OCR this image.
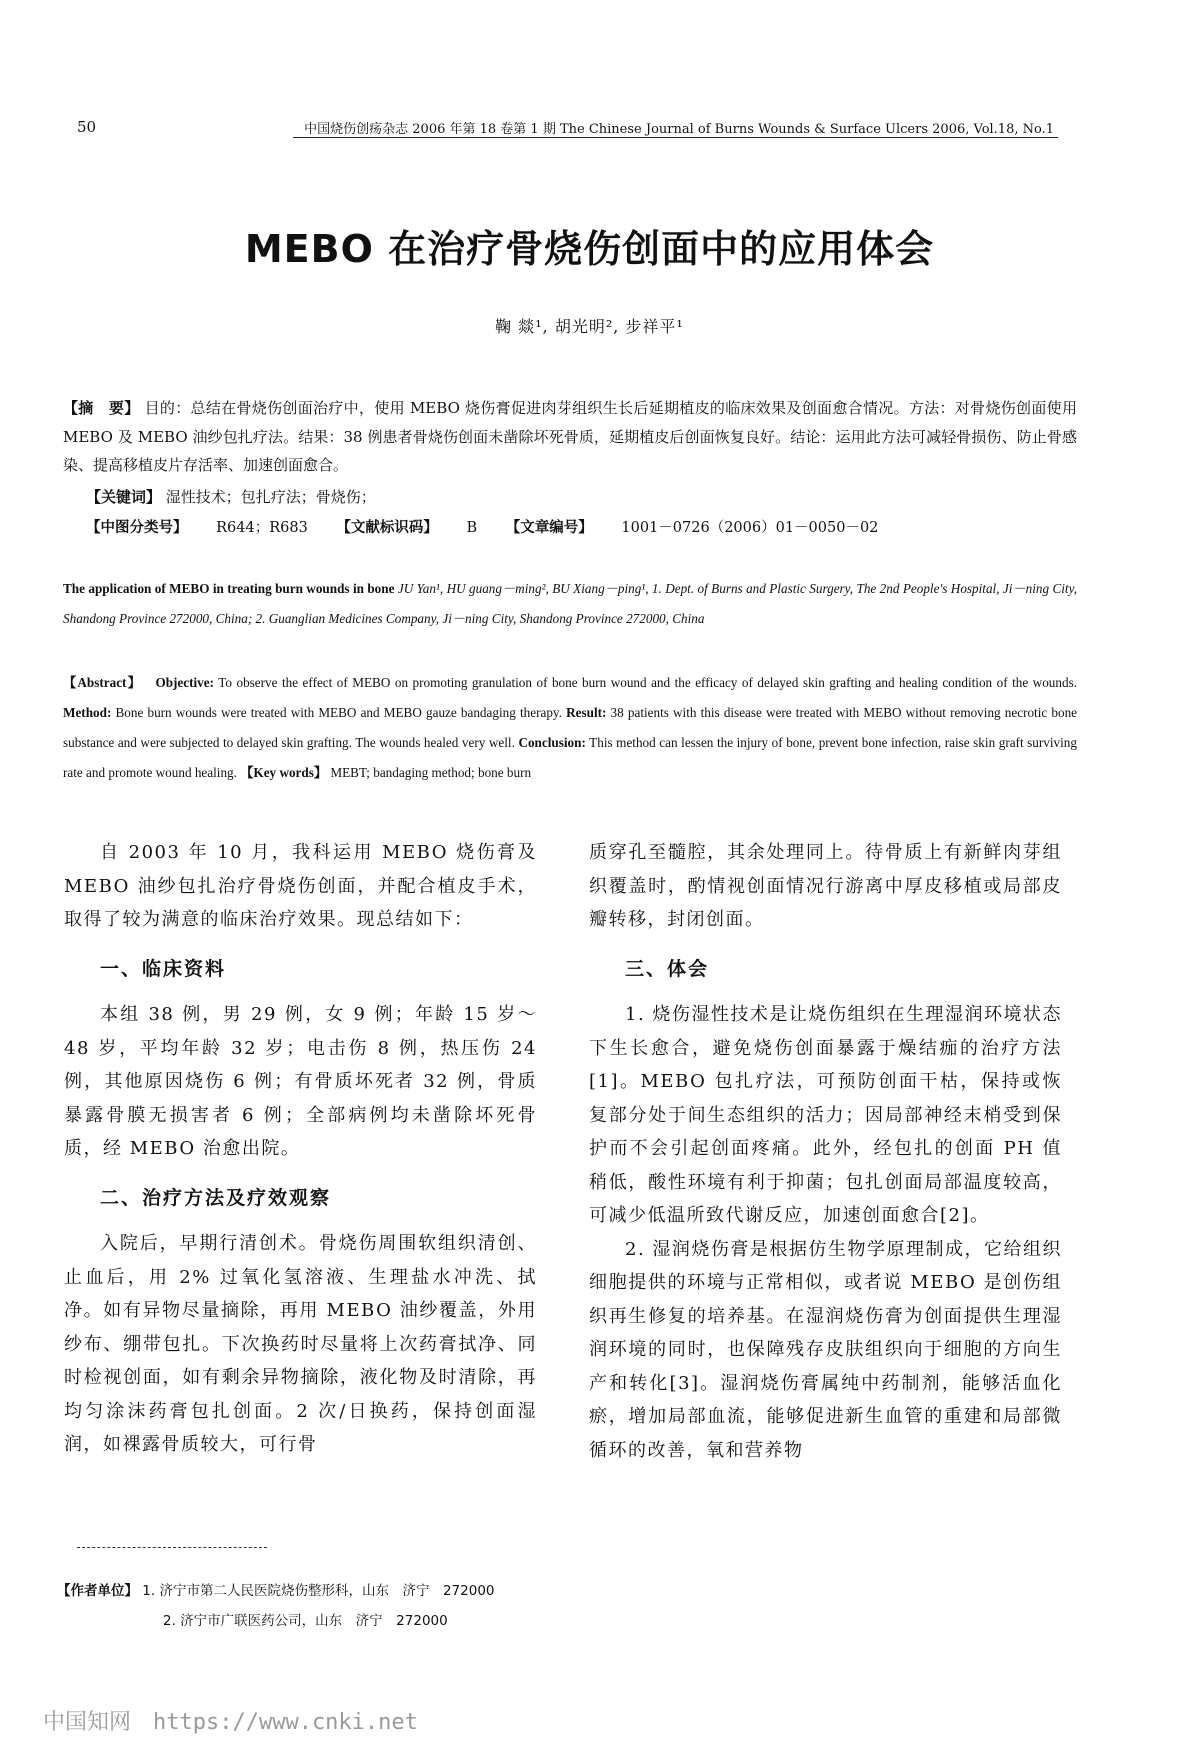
50	中国烧伤创疡杂志 2006 年第 18 卷第 1 期 The Chinese Journal of Burns Wounds & Surface Ulcers 2006, Vol.18, No.1
MEBO 在治疗骨烧伤创面中的应用体会
鞠 燚¹, 胡光明², 步祥平¹
【摘　要】 目的：总结在骨烧伤创面治疗中，使用 MEBO 烧伤膏促进肉芽组织生长后延期植皮的临床效果及创面愈合情况。方法：对骨烧伤创面使用 MEBO 及 MEBO 油纱包扎疗法。结果：38 例患者骨烧伤创面未凿除坏死骨质，延期植皮后创面恢复良好。结论：运用此方法可减轻骨损伤、防止骨感染、提高移植皮片存活率、加速创面愈合。
【关键词】 湿性技术；包扎疗法；骨烧伤；
【中图分类号】 R644；R683 【文献标识码】 B 【文章编号】 1001－0726（2006）01－0050－02
The application of MEBO in treating burn wounds in bone JU Yan¹, HU guang－ming², BU Xiang－ping¹, 1. Dept. of Burns and Plastic Surgery, The 2nd People's Hospital, Ji－ning City, Shandong Province 272000, China; 2. Guanglian Medicines Company, Ji－ning City, Shandong Province 272000, China
【Abstract】 Objective: To observe the effect of MEBO on promoting granulation of bone burn wound and the efficacy of delayed skin grafting and healing condition of the wounds. Method: Bone burn wounds were treated with MEBO and MEBO gauze bandaging therapy. Result: 38 patients with this disease were treated with MEBO without removing necrotic bone substance and were subjected to delayed skin grafting. The wounds healed very well. Conclusion: This method can lessen the injury of bone, prevent bone infection, raise skin graft surviving rate and promote wound healing. 【Key words】 MEBT; bandaging method; bone burn

自 2003 年 10 月，我科运用 MEBO 烧伤膏及 MEBO 油纱包扎治疗骨烧伤创面，并配合植皮手术，取得了较为满意的临床治疗效果。现总结如下：

一、临床资料

本组 38 例，男 29 例，女 9 例；年龄 15 岁～48 岁，平均年龄 32 岁；电击伤 8 例，热压伤 24 例，其他原因烧伤 6 例；有骨质坏死者 32 例，骨质暴露骨膜无损害者 6 例；全部病例均未凿除坏死骨质，经 MEBO 治愈出院。

二、治疗方法及疗效观察

入院后，早期行清创术。骨烧伤周围软组织清创、止血后，用 2% 过氧化氢溶液、生理盐水冲洗、拭净。如有异物尽量摘除，再用 MEBO 油纱覆盖，外用纱布、绷带包扎。下次换药时尽量将上次药膏拭净、同时检视创面，如有剩余异物摘除，液化物及时清除，再均匀涂沫药膏包扎创面。2 次/日换药，保持创面湿润，如裸露骨质较大，可行骨

质穿孔至髓腔，其余处理同上。待骨质上有新鲜肉芽组织覆盖时，酌情视创面情况行游离中厚皮移植或局部皮瓣转移，封闭创面。

三、体会

1. 烧伤湿性技术是让烧伤组织在生理湿润环境状态下生长愈合，避免烧伤创面暴露于燥结痂的治疗方法[1]。MEBO 包扎疗法，可预防创面干枯，保持或恢复部分处于间生态组织的活力；因局部神经末梢受到保护而不会引起创面疼痛。此外，经包扎的创面 PH 值稍低，酸性环境有利于抑菌；包扎创面局部温度较高，可减少低温所致代谢反应，加速创面愈合[2]。

2. 湿润烧伤膏是根据仿生物学原理制成，它给组织细胞提供的环境与正常相似，或者说 MEBO 是创伤组织再生修复的培养基。在湿润烧伤膏为创面提供生理湿润环境的同时，也保障残存皮肤组织向于细胞的方向生产和转化[3]。湿润烧伤膏属纯中药制剂，能够活血化瘀，增加局部血流，能够促进新生血管的重建和局部微循环的改善，氧和营养物

【作者单位】 1. 济宁市第二人民医院烧伤整形科，山东　济宁　272000
2. 济宁市广联医药公司，山东　济宁　272000
中国知网　https://www.cnki.net
